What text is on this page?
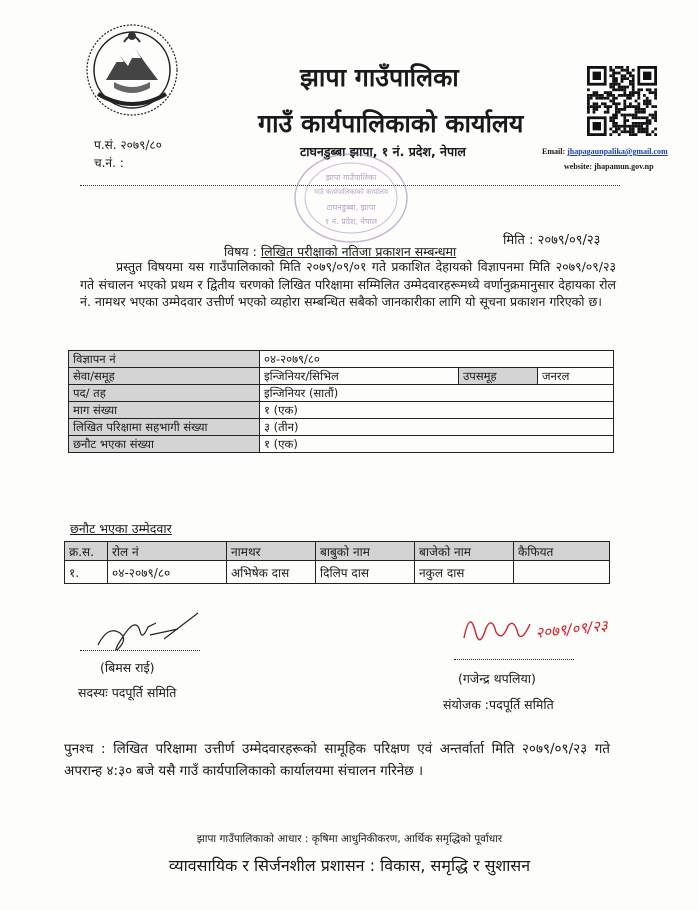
झापा गाउँपालिका
गाउँ कार्यपालिकाको कार्यालय
टाघनडुब्बा झापा, १ नं. प्रदेश, नेपाल	Email: jhapagaunpalika@gmail.com
website: jhapamun.gov.np
प.सं. २०७९/८०
च.नं. :
झापा गाउँपालिका
गाउँ कार्यपालिकाको कार्यालय
टाघनडुब्बा, झापा
१ नं. प्रदेश, नेपाल
मिति : २०७९/०९/२३
विषय : लिखित परीक्षाको नतिजा प्रकाशन सम्बन्धमा

प्रस्तुत विषयमा यस गाउँपालिकाको मिति २०७९/०९/०१ गते प्रकाशित देहायको विज्ञापनमा मिति २०७९/०९/२३ गते संचालन भएको प्रथम र द्वितीय चरणको लिखित परिक्षामा सम्मिलित उम्मेदवारहरूमध्ये वर्णानुक्रमानुसार देहायका रोल नं. नामथर भएका उम्मेदवार उत्तीर्ण भएको व्यहोरा सम्बन्धित सबैको जानकारीका लागि यो सूचना प्रकाशन गरिएको छ।

विज्ञापन नं	०४-२०७९/८०		
सेवा/समूह	इन्जिनियर/सिभिल	उपसमूह	जनरल
पद/ तह	इन्जिनियर (सातौं)		
माग संख्या	१ (एक)		
लिखित परिक्षामा सहभागी संख्या	३ (तीन)		
छनौट भएका संख्या	१ (एक)		
छनौट भएका उम्मेदवार
क्र.स.	रोल नं	नामथर	बाबुको नाम	बाजेको नाम	कैफियत
१.	०४-२०७९/८०	अभिषेक दास	दिलिप दास	नकुल दास	
२०७९/०९/२३
(बिमस राई)
सदस्यः पदपूर्ति समिति
(गजेन्द्र थपलिया)
संयोजक :पदपूर्ति समिति

पुनश्च : लिखित परिक्षामा उत्तीर्ण उम्मेदवारहरूको सामूहिक परिक्षण एवं अन्तर्वार्ता मिति २०७९/०९/२३ गते अपरान्ह ४:३० बजे यसै गाउँ कार्यपालिकाको कार्यालयमा संचालन गरिनेछ ।

झापा गाउँपालिकाको आधार : कृषिमा आधुनिकीकरण, आर्थिक समृद्धिको पूर्वाधार
व्यावसायिक र सिर्जनशील प्रशासन : विकास, समृद्धि र सुशासन
